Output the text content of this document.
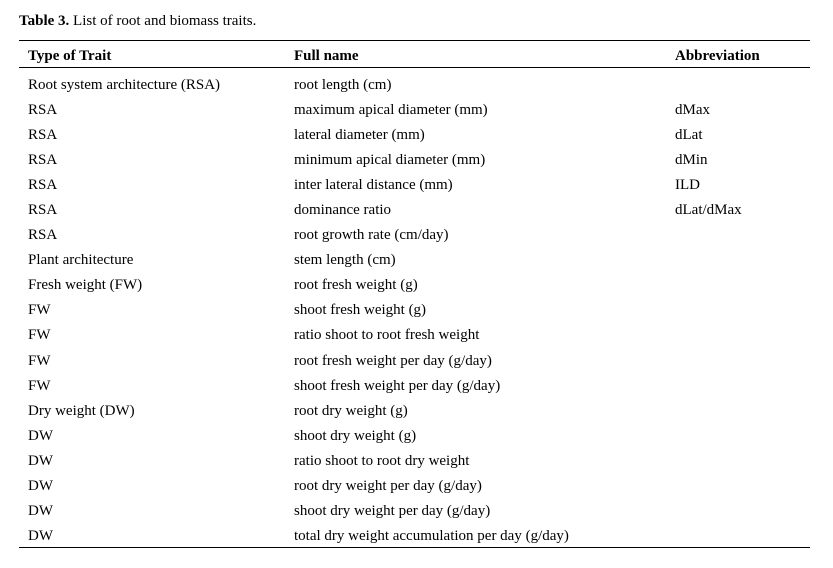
Table 3. List of root and biomass traits.
Type of Trait	Full name	Abbreviation
Root system architecture (RSA)	root length (cm)	
RSA	maximum apical diameter (mm)	dMax
RSA	lateral diameter (mm)	dLat
RSA	minimum apical diameter (mm)	dMin
RSA	inter lateral distance (mm)	ILD
RSA	dominance ratio	dLat/dMax
RSA	root growth rate (cm/day)	
Plant architecture	stem length (cm)	
Fresh weight (FW)	root fresh weight (g)	
FW	shoot fresh weight (g)	
FW	ratio shoot to root fresh weight	
FW	root fresh weight per day (g/day)	
FW	shoot fresh weight per day (g/day)	
Dry weight (DW)	root dry weight (g)	
DW	shoot dry weight (g)	
DW	ratio shoot to root dry weight	
DW	root dry weight per day (g/day)	
DW	shoot dry weight per day (g/day)	
DW	total dry weight accumulation per day (g/day)	
